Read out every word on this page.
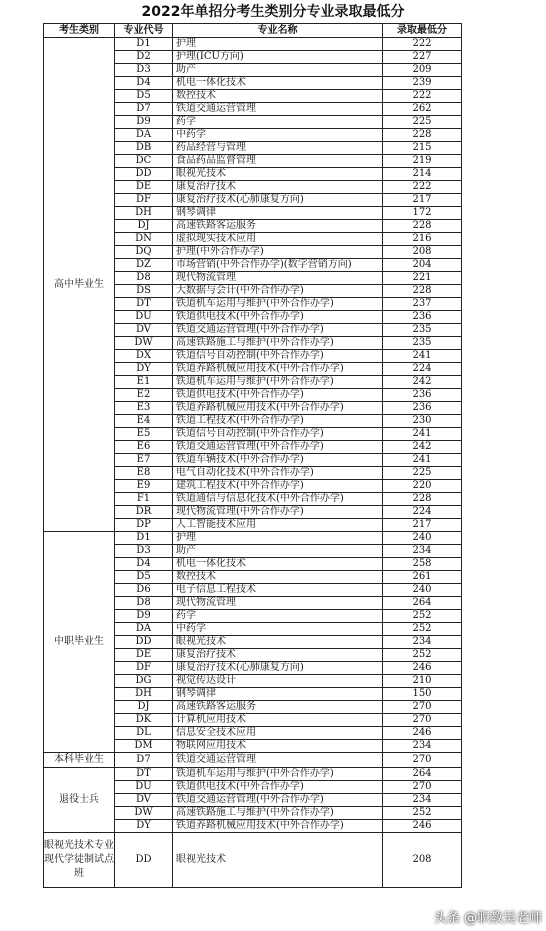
2022年单招分考生类别分专业录取最低分
考生类别	专业代号	专业名称	录取最低分
高中毕业生	D1	护理	222
	D2	护理(ICU方向)	227
	D3	助产	209
	D4	机电一体化技术	239
	D5	数控技术	222
	D7	铁道交通运营管理	262
	D9	药学	225
	DA	中药学	228
	DB	药品经营与管理	215
	DC	食品药品监督管理	219
	DD	眼视光技术	214
	DE	康复治疗技术	222
	DF	康复治疗技术(心肺康复方向)	217
	DH	钢琴调律	172
	DJ	高速铁路客运服务	228
	DN	虚拟现实技术应用	216
	DQ	护理(中外合作办学)	208
	DZ	市场营销(中外合作办学)(数字营销方向)	204
	D8	现代物流管理	221
	DS	大数据与会计(中外合作办学)	228
	DT	铁道机车运用与维护(中外合作办学)	237
	DU	铁道供电技术(中外合作办学)	236
	DV	铁道交通运营管理(中外合作办学)	235
	DW	高速铁路施工与维护(中外合作办学)	235
	DX	铁道信号自动控制(中外合作办学)	241
	DY	铁道养路机械应用技术(中外合作办学)	224
	E1	铁道机车运用与维护(中外合作办学)	242
	E2	铁道供电技术(中外合作办学)	236
	E3	铁道养路机械应用技术(中外合作办学)	236
	E4	铁道工程技术(中外合作办学)	230
	E5	铁道信号自动控制(中外合作办学)	241
	E6	铁道交通运营管理(中外合作办学)	242
	E7	铁道车辆技术(中外合作办学)	241
	E8	电气自动化技术(中外合作办学)	225
	E9	建筑工程技术(中外合作办学)	220
	F1	铁道通信与信息化技术(中外合作办学)	228
	DR	现代物流管理(中外合作办学)	224
	DP	人工智能技术应用	217
中职毕业生	D1	护理	240
	D3	助产	234
	D4	机电一体化技术	258
	D5	数控技术	261
	D6	电子信息工程技术	240
	D8	现代物流管理	264
	D9	药学	252
	DA	中药学	252
	DD	眼视光技术	234
	DE	康复治疗技术	252
	DF	康复治疗技术(心肺康复方向)	246
	DG	视觉传达设计	210
	DH	钢琴调律	150
	DJ	高速铁路客运服务	270
	DK	计算机应用技术	270
	DL	信息安全技术应用	246
	DM	物联网应用技术	234
本科毕业生	D7	铁道交通运营管理	270
退役士兵	DT	铁道机车运用与维护(中外合作办学)	264
	DU	铁道供电技术(中外合作办学)	270
	DV	铁道交通运营管理(中外合作办学)	234
	DW	高速铁路施工与维护(中外合作办学)	252
	DY	铁道养路机械应用技术(中外合作办学)	246
眼视光技术专业现代学徒制试点班	DD	眼视光技术	208
头条 @职教吴老师
